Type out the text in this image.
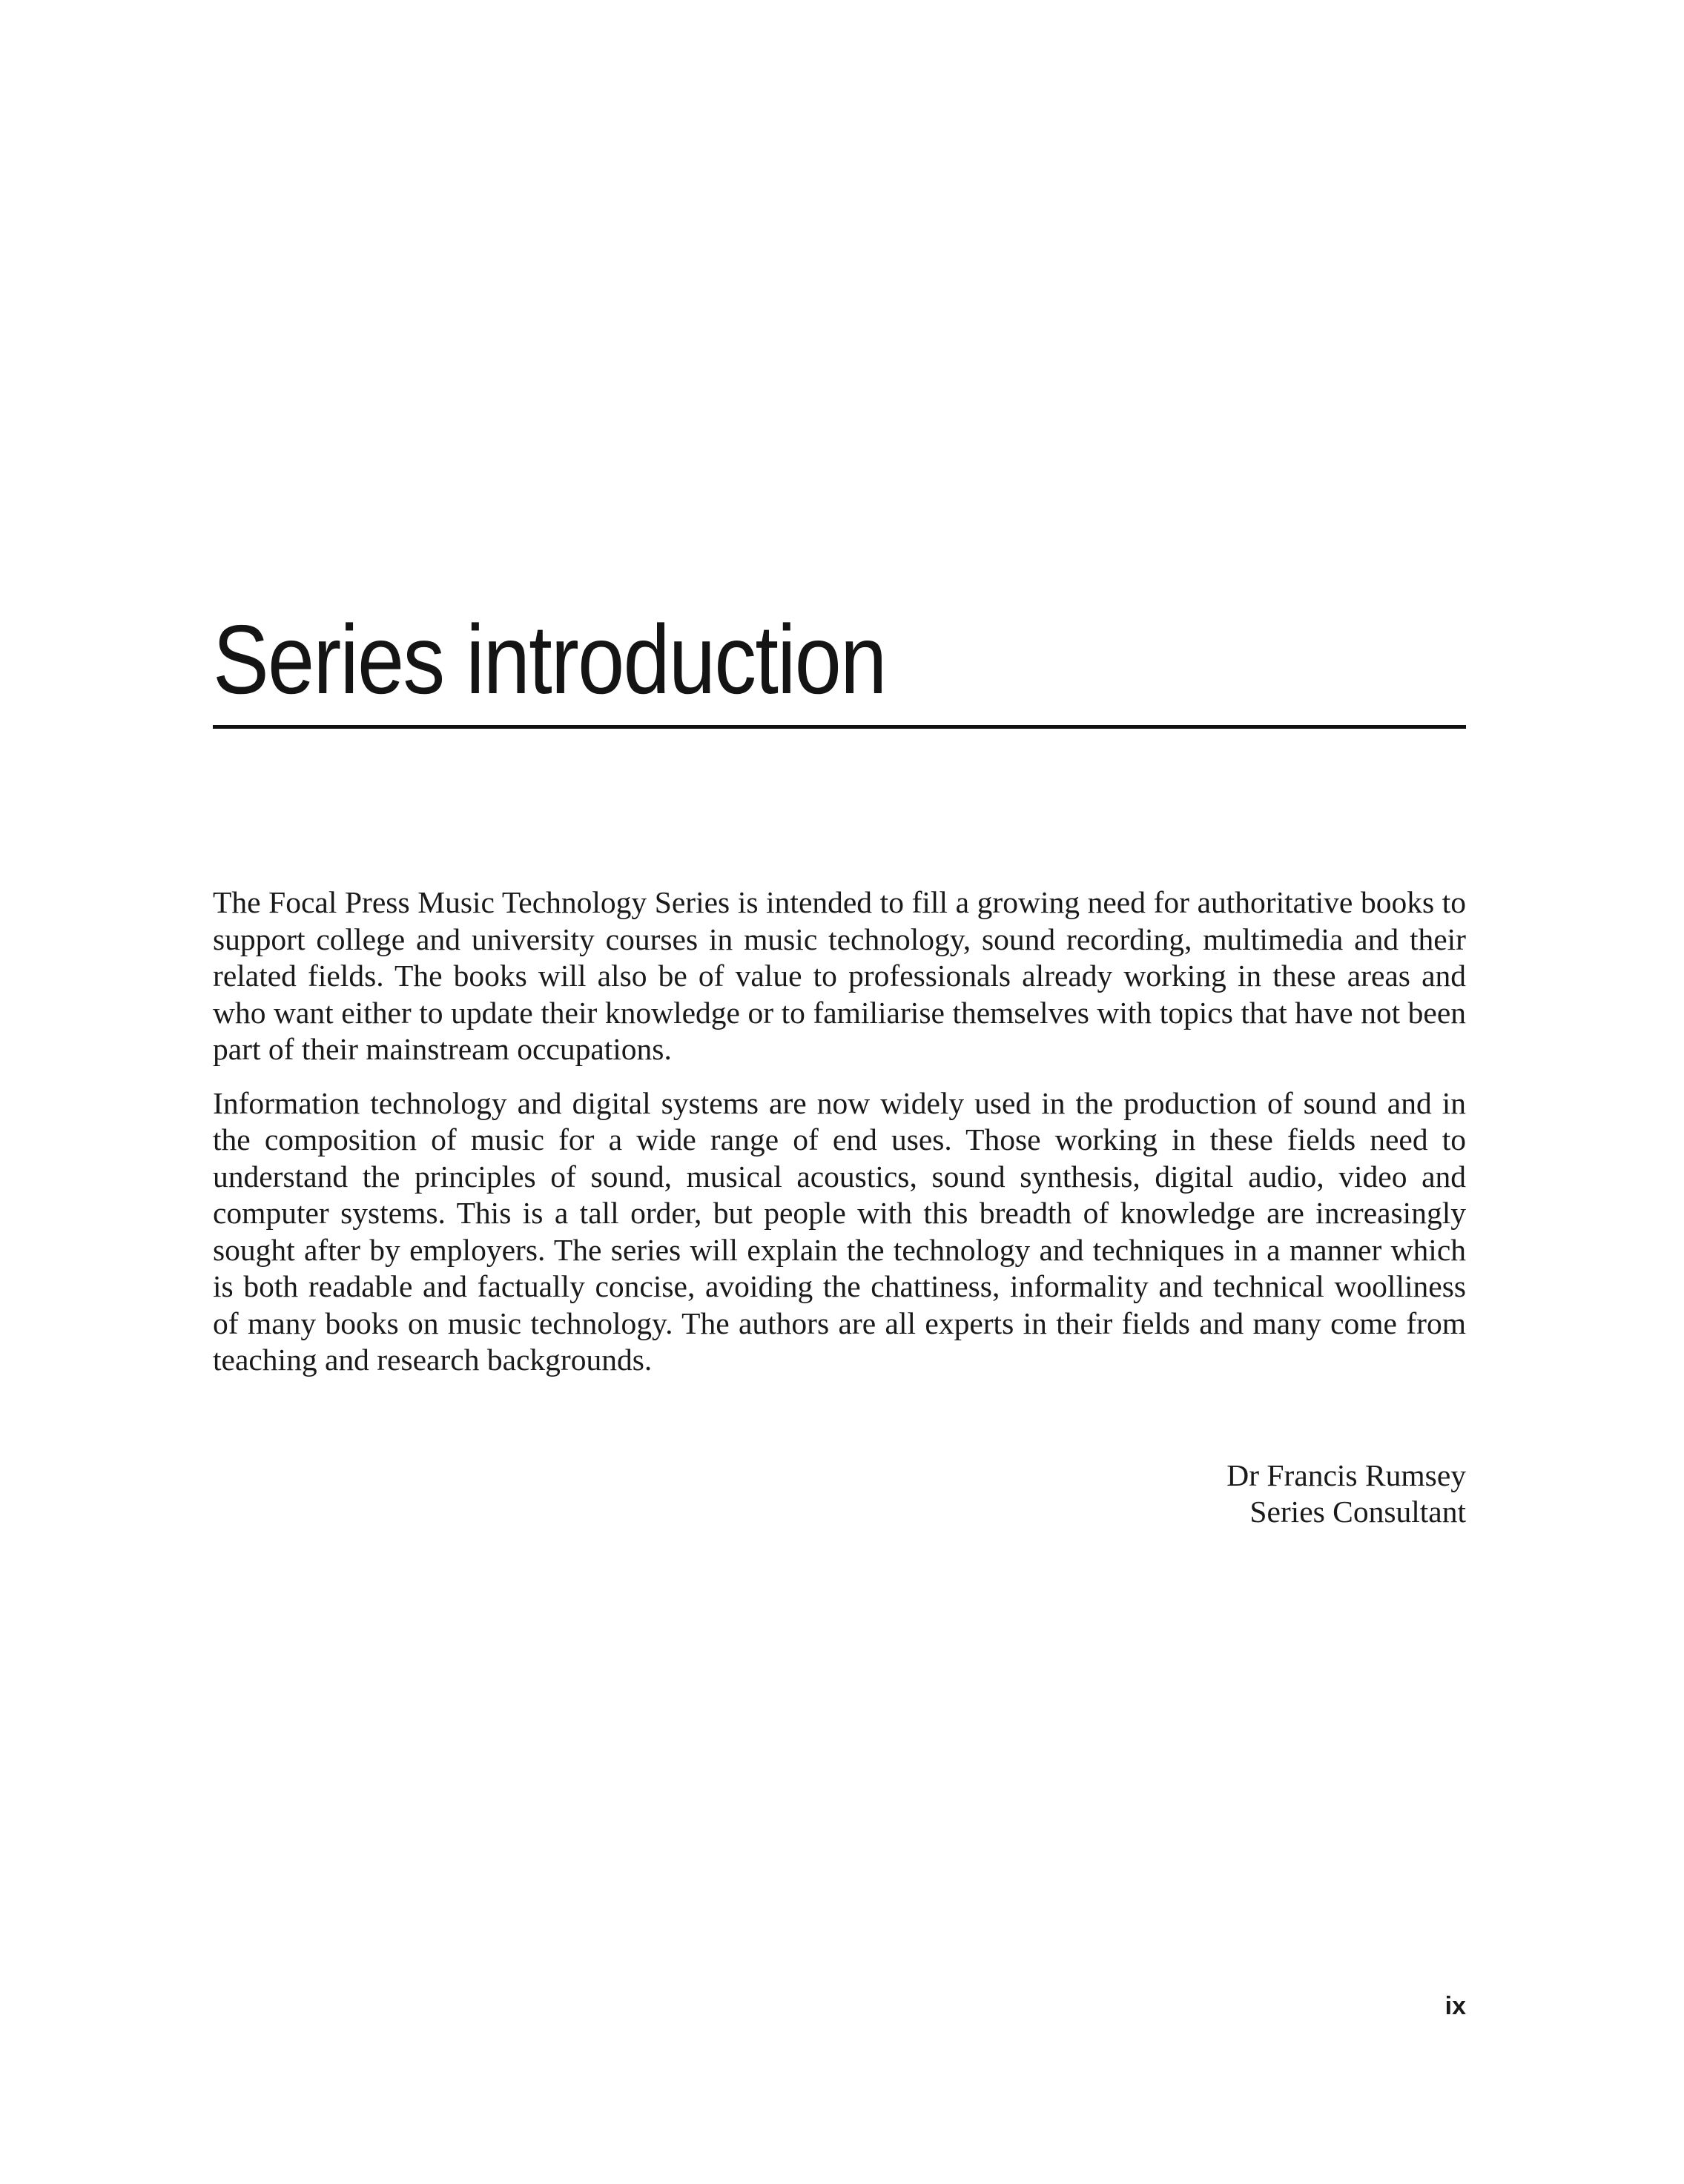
Series introduction

The Focal Press Music Technology Series is intended to fill a growing need for authoritative books to support college and university courses in music technology, sound recording, multimedia and their related fields. The books will also be of value to professionals already working in these areas and who want either to update their knowledge or to familiarise themselves with topics that have not been part of their mainstream occupations.

Information technology and digital systems are now widely used in the production of sound and in the composition of music for a wide range of end uses. Those working in these fields need to understand the principles of sound, musical acoustics, sound synthesis, digital audio, video and computer systems. This is a tall order, but people with this breadth of knowledge are increasingly sought after by employers. The series will explain the technology and techniques in a manner which is both readable and factually concise, avoiding the chattiness, informality and technical woolliness of many books on music technology. The authors are all experts in their fields and many come from teaching and research backgrounds.

Dr Francis Rumsey
Series Consultant
ix
